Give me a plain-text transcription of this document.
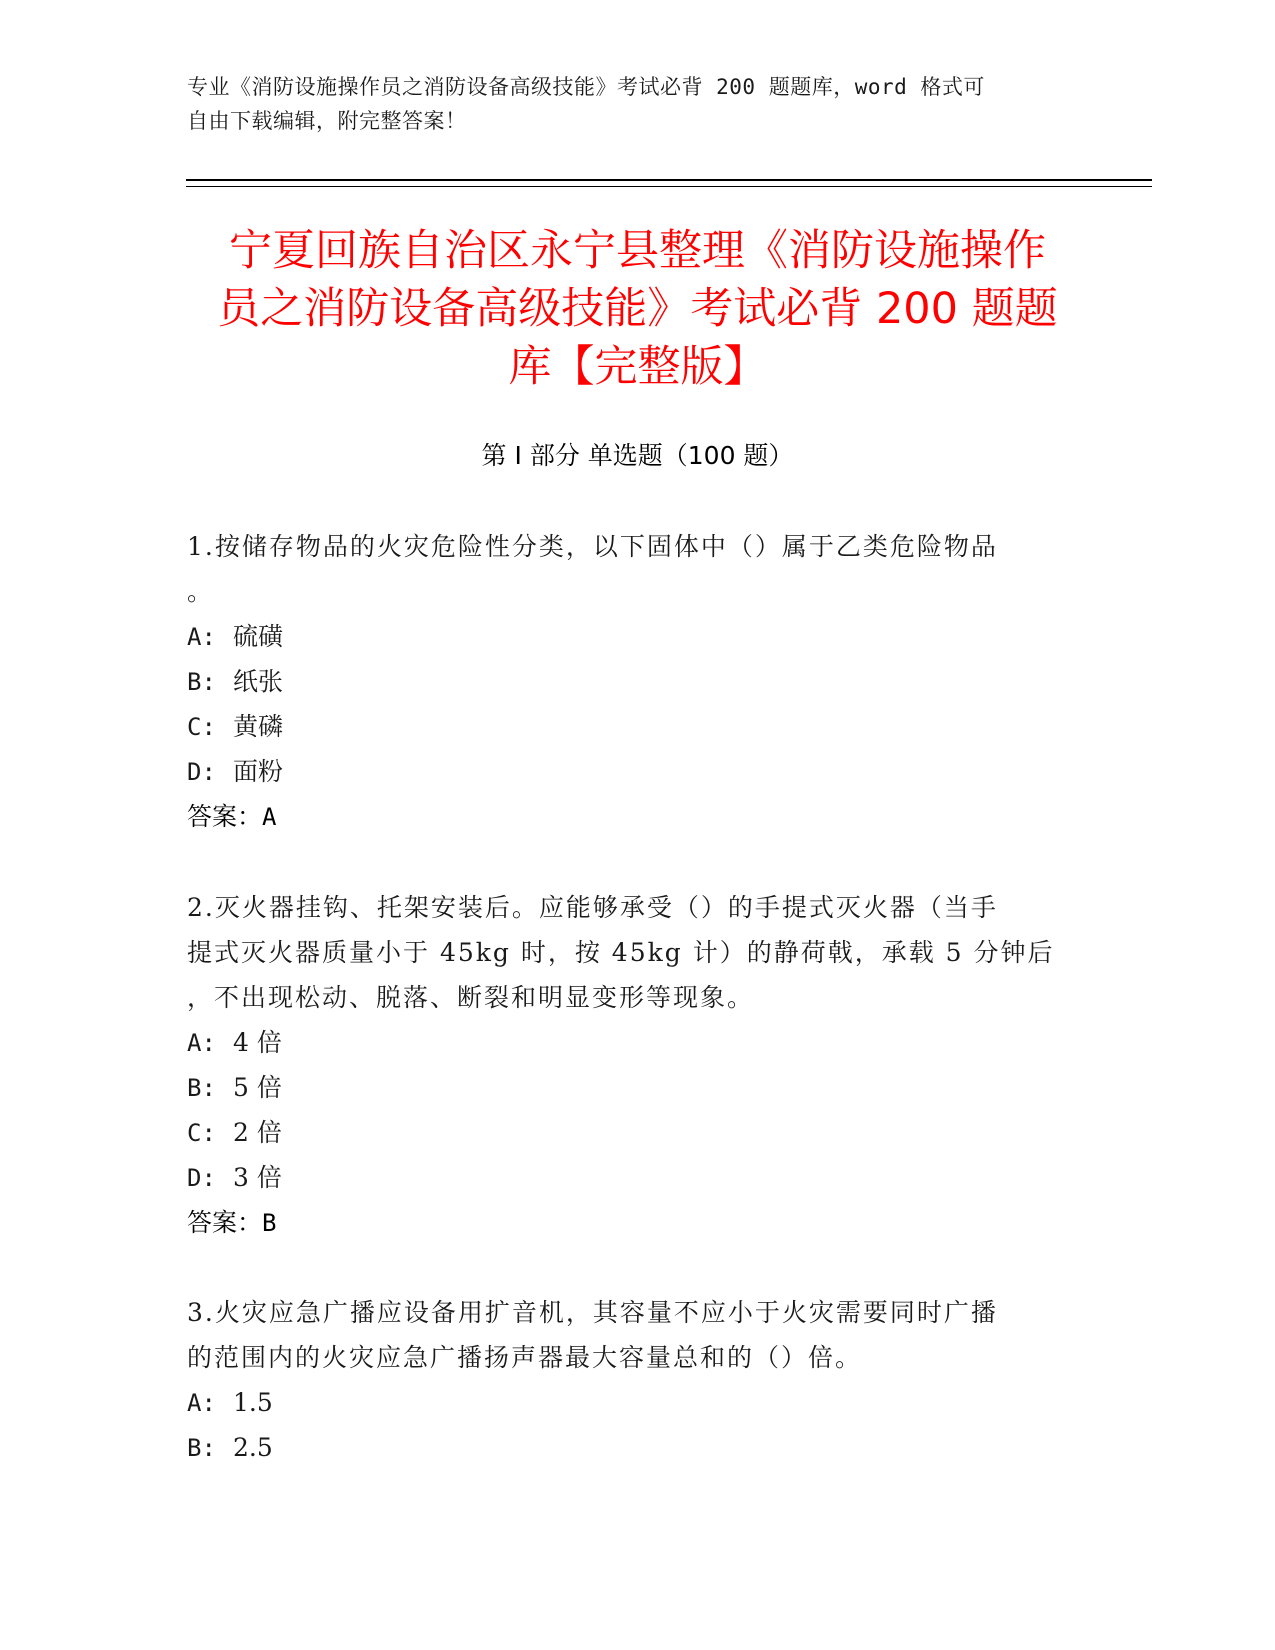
专业《消防设施操作员之消防设备高级技能》考试必背 200 题题库，word 格式可
自由下载编辑，附完整答案！
宁夏回族自治区永宁县整理《消防设施操作
员之消防设备高级技能》考试必背 200 题题
库【完整版】
第 I 部分 单选题（100 题）
1.按储存物品的火灾危险性分类，以下固体中（）属于乙类危险物品
。
A: 硫磺
B: 纸张
C: 黄磷
D: 面粉
答案：A
2.灭火器挂钩、托架安装后。应能够承受（）的手提式灭火器（当手
提式灭火器质量小于 45kg 时，按 45kg 计）的静荷戟，承载 5 分钟后
，不出现松动、脱落、断裂和明显变形等现象。
A: 4 倍
B: 5 倍
C: 2 倍
D: 3 倍
答案：B
3.火灾应急广播应设备用扩音机，其容量不应小于火灾需要同时广播
的范围内的火灾应急广播扬声器最大容量总和的（）倍。
A: 1.5
B: 2.5
